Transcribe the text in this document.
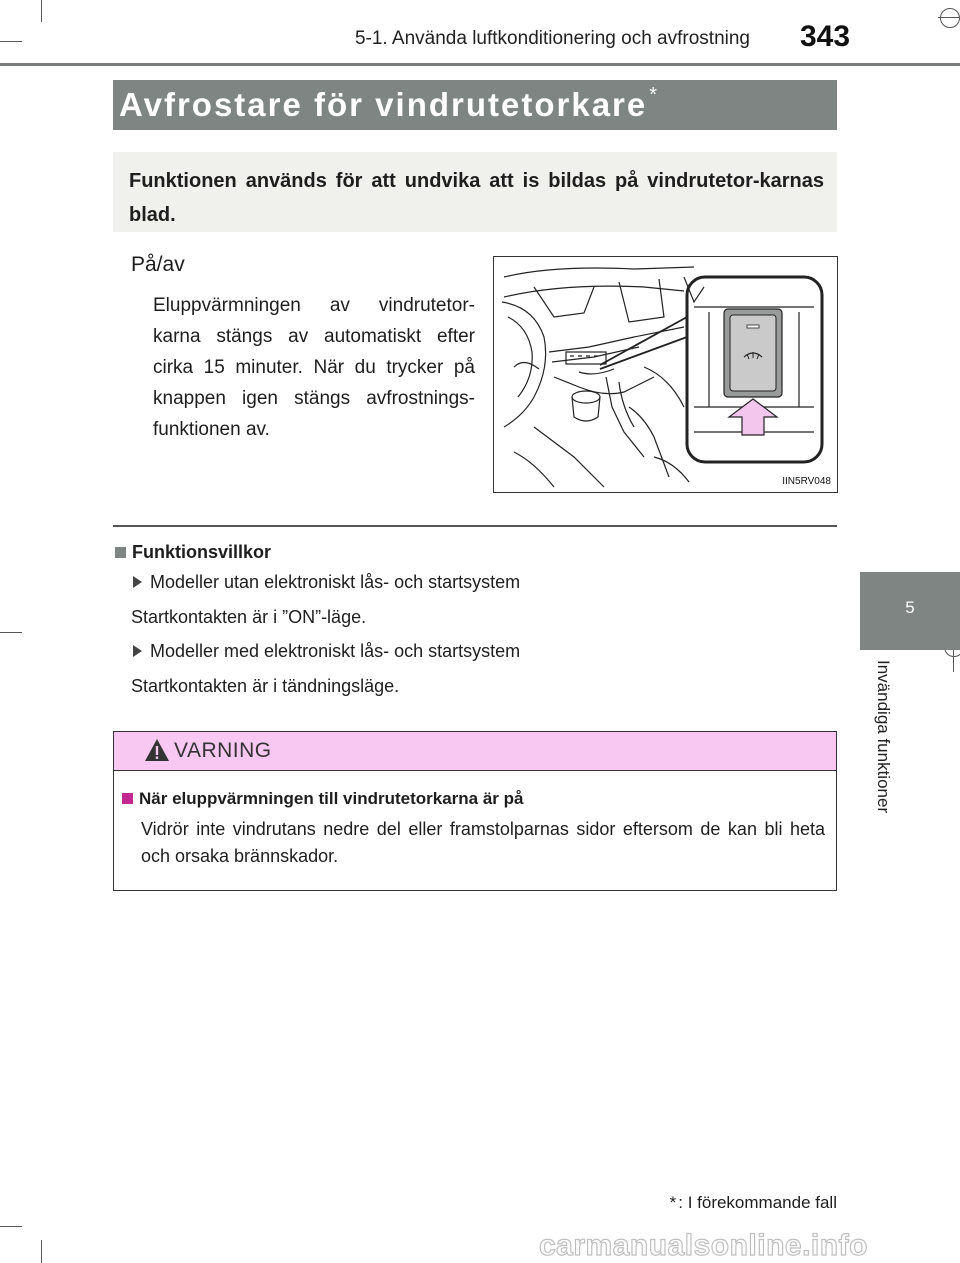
5-1. Använda luftkonditionering och avfrostning 343
5
Invändiga funktioner
Avfrostare för vindrutetorkare *
Funktionen används för att undvika att is bildas på vindrutetor-karnas blad.
På/av
Eluppvärmningen av vindrutetor-karna stängs av automatiskt efter cirka 15 minuter. När du trycker på knappen igen stängs avfrostnings-funktionen av.
IIN5RV048
Funktionsvillkor
Modeller utan elektroniskt lås- och startsystem
Startkontakten är i ”ON”-läge.
Modeller med elektroniskt lås- och startsystem
Startkontakten är i tändningsläge.
VARNING
När eluppvärmningen till vindrutetorkarna är på
Vidrör inte vindrutans nedre del eller framstolparnas sidor eftersom de kan bli heta och orsaka brännskador.
* : I förekommande fall
carmanualsonline.info
